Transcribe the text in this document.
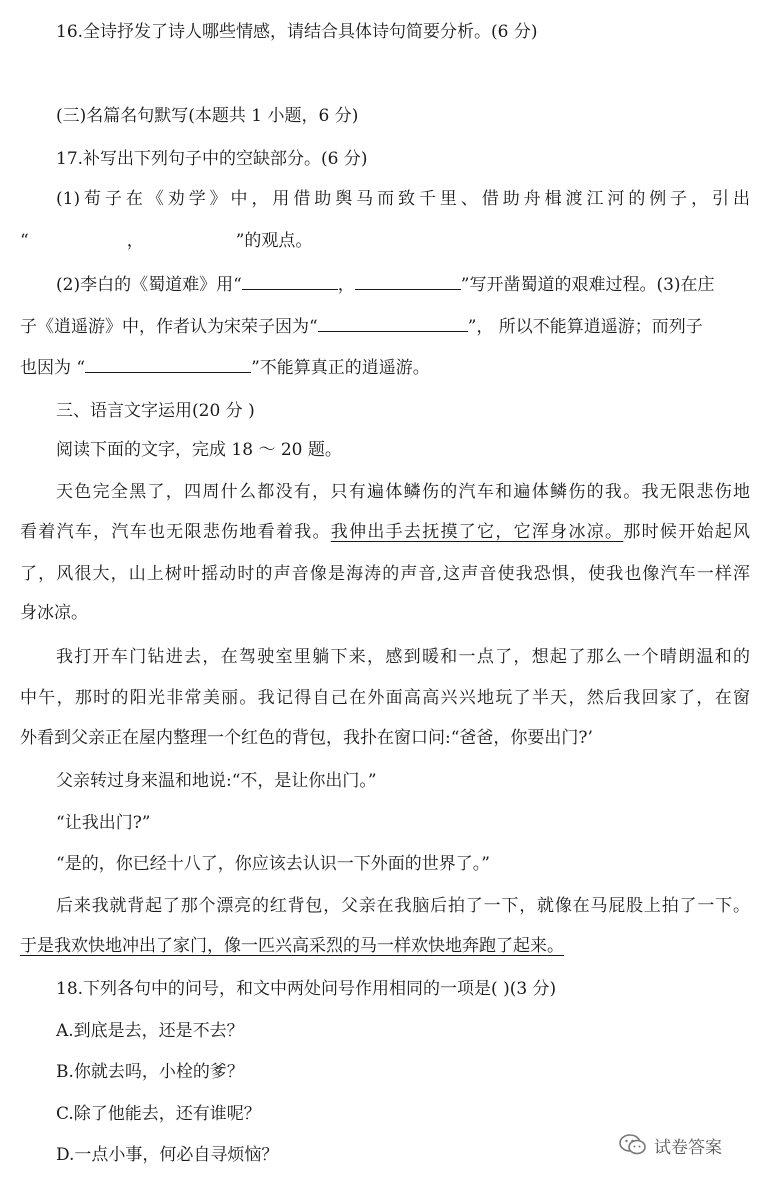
16.全诗抒发了诗人哪些情感，请结合具体诗句简要分析。(6 分)
(三)名篇名句默写(本题共 1 小题，6 分)
17.补写出下列句子中的空缺部分。(6 分)
(1)荀子在《劝学》中，用借助舆马而致千里、借助舟楫渡江河的例子，引出
“	，	”的观点。
(2)李白的《蜀道难》用“	，	”写开凿蜀道的艰难过程。(3)在庄
子《逍遥游》中，作者认为宋荣子因为“	”， 所以不能算逍遥游；而列子
也因为 “	”不能算真正的逍遥游。
三、语言文字运用(20 分 )
阅读下面的文字，完成 18 ～ 20 题。
天色完全黑了，四周什么都没有，只有遍体鳞伤的汽车和遍体鳞伤的我。我无限悲伤地
看着汽车，汽车也无限悲伤地看着我。我伸出手去抚摸了它，它浑身冰凉。那时候开始起风
了，风很大，山上树叶摇动时的声音像是海涛的声音,这声音使我恐惧，使我也像汽车一样浑
身冰凉。
我打开车门钻进去，在驾驶室里躺下来，感到暖和一点了，想起了那么一个晴朗温和的
中午，那时的阳光非常美丽。我记得自己在外面高高兴兴地玩了半天，然后我回家了，在窗
外看到父亲正在屋内整理一个红色的背包，我扑在窗口问:“爸爸，你要出门?’
父亲转过身来温和地说:“不，是让你出门。”
“让我出门?”
“是的，你已经十八了，你应该去认识一下外面的世界了。”
后来我就背起了那个漂亮的红背包，父亲在我脑后拍了一下，就像在马屁股上拍了一下。
于是我欢快地冲出了家门，像一匹兴高采烈的马一样欢快地奔跑了起来。
18.下列各句中的问号，和文中两处问号作用相同的一项是( )(3 分)
A.到底是去，还是不去？
B.你就去吗，小栓的爹？
C.除了他能去，还有谁呢？
D.一点小事，何必自寻烦恼？	试卷答案
